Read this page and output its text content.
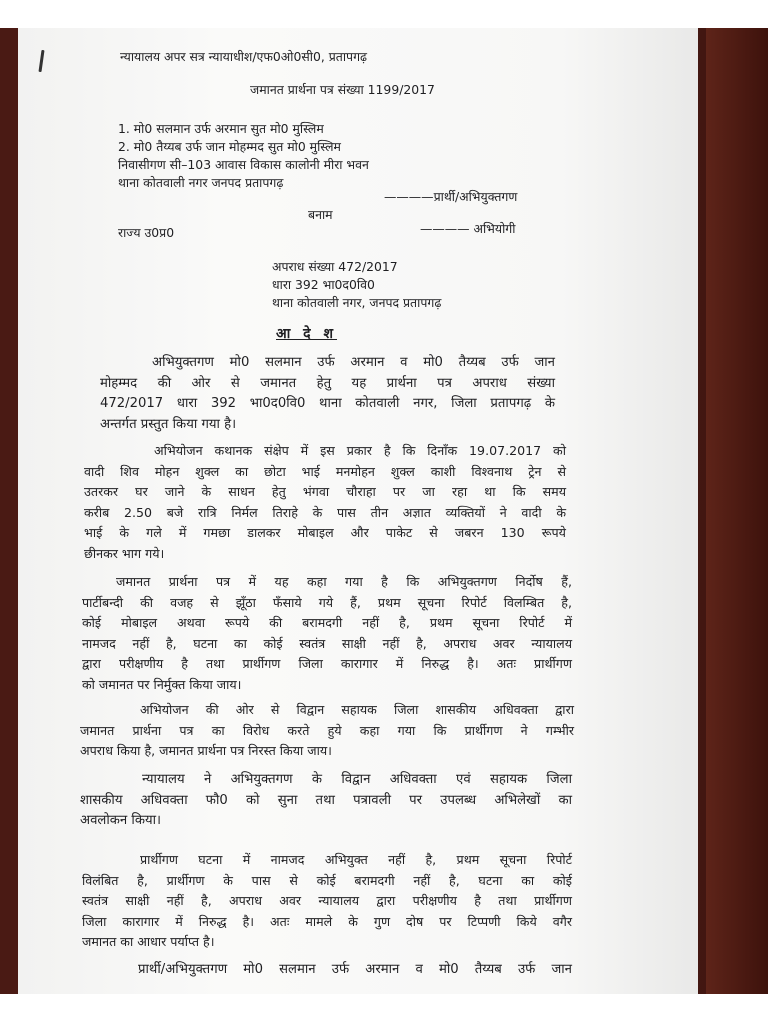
न्यायालय अपर सत्र न्यायाधीश/एफ0ओ0सी0, प्रतापगढ़
जमानत प्रार्थना पत्र संख्या 1199/2017
1. मो0 सलमान उर्फ अरमान सुत मो0 मुस्लिम
2. मो0 तैय्यब उर्फ जान मोहम्मद सुत मो0 मुस्लिम
निवासीगण सी–103 आवास विकास कालोनी मीरा भवन
थाना कोतवाली नगर जनपद प्रतापगढ़
————प्रार्थी/अभियुक्तगण
बनाम
राज्य उ0प्र0	———— अभियोगी
अपराध संख्या 472/2017
धारा 392 भा0द0वि0
थाना कोतवाली नगर, जनपद प्रतापगढ़
आ दे श
अभियुक्तगण मो0 सलमान उर्फ अरमान व मो0 तैय्यब उर्फ जान
मोहम्मद की ओर से जमानत हेतु यह प्रार्थना पत्र अपराध संख्या
472/2017 धारा 392 भा0द0वि0 थाना कोतवाली नगर, जिला प्रतापगढ़ के
अन्तर्गत प्रस्तुत किया गया है।
अभियोजन कथानक संक्षेप में इस प्रकार है कि दिनाँक 19.07.2017 को
वादी शिव मोहन शुक्ल का छोटा भाई मनमोहन शुक्ल काशी विश्वनाथ ट्रेन से
उतरकर घर जाने के साधन हेतु भंगवा चौराहा पर जा रहा था कि समय
करीब 2.50 बजे रात्रि निर्मल तिराहे के पास तीन अज्ञात व्यक्तियों ने वादी के
भाई के गले में गमछा डालकर मोबाइल और पाकेट से जबरन 130 रूपये
छीनकर भाग गये।
जमानत प्रार्थना पत्र में यह कहा गया है कि अभियुक्तगण निर्दोष हैं,
पार्टीबन्दी की वजह से झूँठा फँसाये गये हैं, प्रथम सूचना रिपोर्ट विलम्बित है,
कोई मोबाइल अथवा रूपये की बरामदगी नहीं है, प्रथम सूचना रिपोर्ट में
नामजद नहीं है, घटना का कोई स्वतंत्र साक्षी नहीं है, अपराध अवर न्यायालय
द्वारा परीक्षणीय है तथा प्रार्थीगण जिला कारागार में निरुद्ध है। अतः प्रार्थीगण
को जमानत पर निर्मुक्त किया जाय।
अभियोजन की ओर से विद्वान सहायक जिला शासकीय अधिवक्ता द्वारा
जमानत प्रार्थना पत्र का विरोध करते हुये कहा गया कि प्रार्थीगण ने गम्भीर
अपराध किया है, जमानत प्रार्थना पत्र निरस्त किया जाय।
न्यायालय ने अभियुक्तगण के विद्वान अधिवक्ता एवं सहायक जिला
शासकीय अधिवक्ता फौ0 को सुना तथा पत्रावली पर उपलब्ध अभिलेखों का
अवलोकन किया।
प्रार्थीगण घटना में नामजद अभियुक्त नहीं है, प्रथम सूचना रिपोर्ट
विलंबित है, प्रार्थीगण के पास से कोई बरामदगी नहीं है, घटना का कोई
स्वतंत्र साक्षी नहीं है, अपराध अवर न्यायालय द्वारा परीक्षणीय है तथा प्रार्थीगण
जिला कारागार में निरुद्ध है। अतः मामले के गुण दोष पर टिप्पणी किये वगैर
जमानत का आधार पर्याप्त है।
प्रार्थी/अभियुक्तगण मो0 सलमान उर्फ अरमान व मो0 तैय्यब उर्फ जान
